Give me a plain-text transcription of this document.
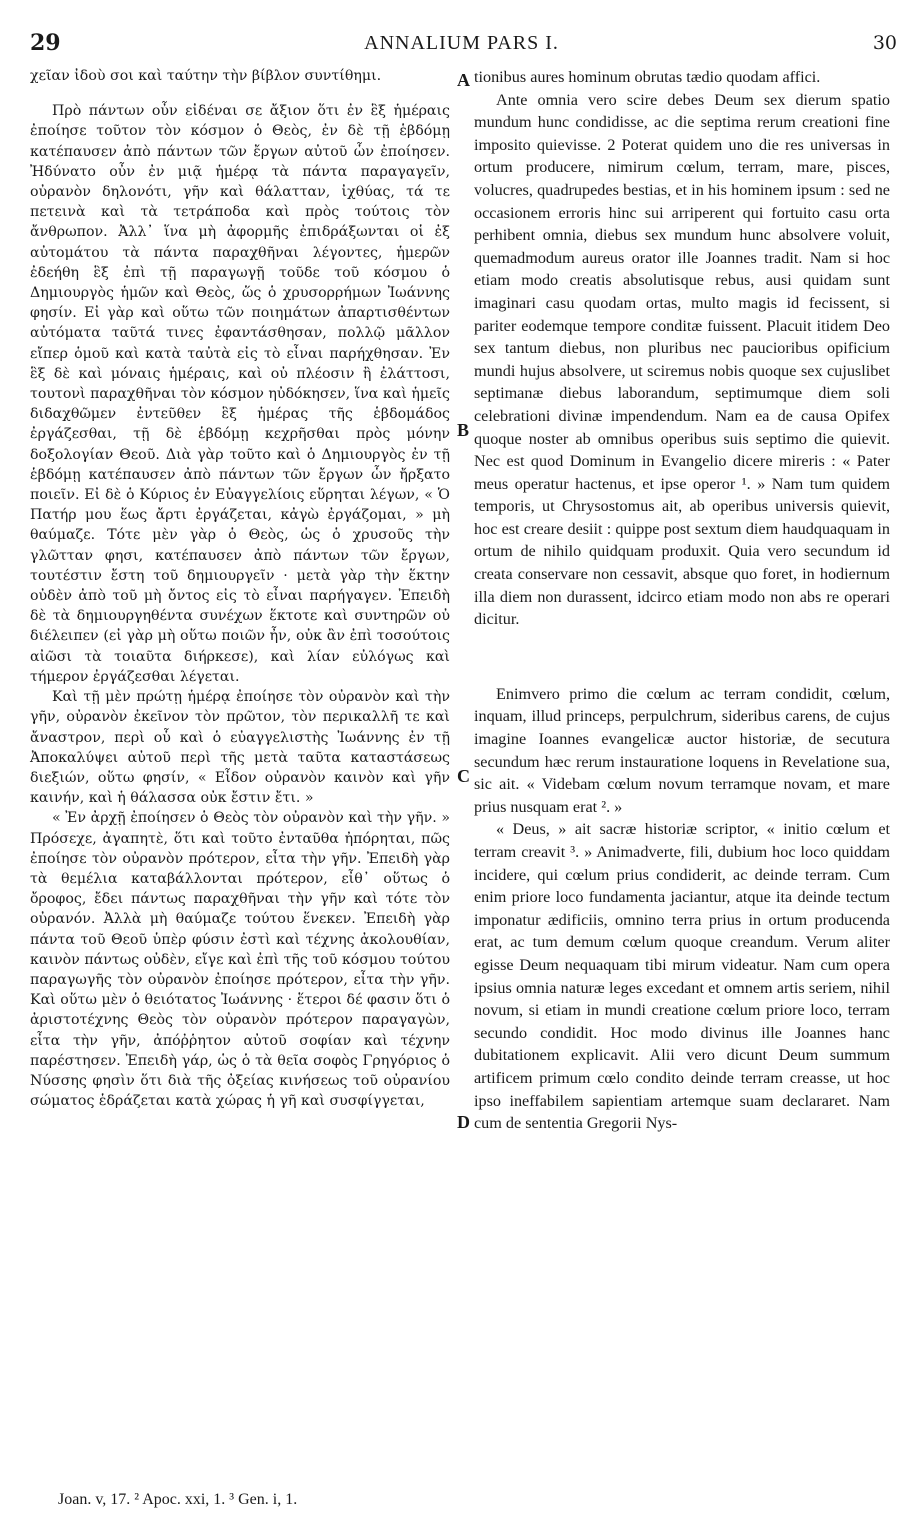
29	ANNALIUM PARS I.	30

χεῖαν ἰδοὺ σοι καὶ ταύτην τὴν βίβλον συντίθημι.

Πρὸ πάντων οὖν εἰδέναι σε ἄξιον ὅτι ἐν ἓξ ἡμέραις ἐποίησε τοῦτον τὸν κόσμον ὁ Θεὸς, ἐν δὲ τῇ ἑβδόμῃ κατέπαυσεν ἀπὸ πάντων τῶν ἔργων αὐτοῦ ὧν ἐποίησεν. Ἠδύνατο οὖν ἐν μιᾷ ἡμέρᾳ τὰ πάντα παραγαγεῖν, οὐρανὸν δηλονότι, γῆν καὶ θάλατταν, ἰχθύας, τά τε πετεινὰ καὶ τὰ τετράποδα καὶ πρὸς τούτοις τὸν ἄνθρωπον. Ἀλλ᾽ ἵνα μὴ ἀφορμῆς ἐπιδράξωνται οἱ ἐξ αὐτομάτου τὰ πάντα παραχθῆναι λέγοντες, ἡμερῶν ἐδεήθη ἓξ ἐπὶ τῇ παραγωγῇ τοῦδε τοῦ κόσμου ὁ Δημιουργὸς ἡμῶν καὶ Θεὸς, ὥς ὁ χρυσορρήμων Ἰωάννης φησίν. Εἰ γὰρ καὶ οὕτω τῶν ποιημάτων ἀπαρτισθέντων αὐτόματα ταῦτά τινες ἐφαντάσθησαν, πολλῷ μᾶλλον εἴπερ ὁμοῦ καὶ κατὰ ταὐτὰ εἰς τὸ εἶναι παρήχθησαν. Ἐν ἓξ δὲ καὶ μόναις ἡμέραις, καὶ οὐ πλέοσιν ἢ ἐλάττοσι, τουτονὶ παραχθῆναι τὸν κόσμον ηὐδόκησεν, ἵνα καὶ ἡμεῖς διδαχθῶμεν ἐντεῦθεν ἓξ ἡμέρας τῆς ἑβδομάδος ἐργάζεσθαι, τῇ δὲ ἑβδόμῃ κεχρῆσθαι πρὸς μόνην δοξολογίαν Θεοῦ. Διὰ γὰρ τοῦτο καὶ ὁ Δημιουργὸς ἐν τῇ ἑβδόμῃ κατέπαυσεν ἀπὸ πάντων τῶν ἔργων ὧν ἤρξατο ποιεῖν. Εἰ δὲ ὁ Κύριος ἐν Εὐαγγελίοις εὕρηται λέγων, « Ὁ Πατήρ μου ἕως ἄρτι ἐργάζεται, κἀγὼ ἐργάζομαι, » μὴ θαύμαζε. Τότε μὲν γὰρ ὁ Θεὸς, ὡς ὁ χρυσοῦς τὴν γλῶτταν φησι, κατέπαυσεν ἀπὸ πάντων τῶν ἔργων, τουτέστιν ἔστη τοῦ δημιουργεῖν · μετὰ γὰρ τὴν ἕκτην οὐδὲν ἀπὸ τοῦ μὴ ὄντος εἰς τὸ εἶναι παρήγαγεν. Ἐπειδὴ δὲ τὰ δημιουργηθέντα συνέχων ἕκτοτε καὶ συντηρῶν οὐ διέλειπεν (εἰ γὰρ μὴ οὕτω ποιῶν ἦν, οὐκ ἂν ἐπὶ τοσούτοις αἰῶσι τὰ τοιαῦτα διήρκεσε), καὶ λίαν εὐλόγως καὶ τήμερον ἐργάζεσθαι λέγεται.

Καὶ τῇ μὲν πρώτῃ ἡμέρᾳ ἐποίησε τὸν οὐρανὸν καὶ τὴν γῆν, οὐρανὸν ἐκεῖνον τὸν πρῶτον, τὸν περικαλλῆ τε καὶ ἄναστρον, περὶ οὗ καὶ ὁ εὐαγγελιστὴς Ἰωάννης ἐν τῇ Ἀποκαλύψει αὐτοῦ περὶ τῆς μετὰ ταῦτα καταστάσεως διεξιών, οὕτω φησίν, « Εἶδον οὐρανὸν καινὸν καὶ γῆν καινήν, καὶ ἡ θάλασσα οὐκ ἔστιν ἔτι. »

« Ἐν ἀρχῇ ἐποίησεν ὁ Θεὸς τὸν οὐρανὸν καὶ τὴν γῆν. » Πρόσεχε, ἀγαπητὲ, ὅτι καὶ τοῦτο ἐνταῦθα ἠπόρηται, πῶς ἐποίησε τὸν οὐρανὸν πρότερον, εἶτα τὴν γῆν. Ἐπειδὴ γὰρ τὰ θεμέλια καταβάλλονται πρότερον, εἶθ᾽ οὕτως ὁ ὄροφος, ἔδει πάντως παραχθῆναι τὴν γῆν καὶ τότε τὸν οὐρανόν. Ἀλλὰ μὴ θαύμαζε τούτου ἕνεκεν. Ἐπειδὴ γὰρ πάντα τοῦ Θεοῦ ὑπὲρ φύσιν ἐστὶ καὶ τέχνης ἀκολουθίαν, καινὸν πάντως οὐδὲν, εἴγε καὶ ἐπὶ τῆς τοῦ κόσμου τούτου παραγωγῆς τὸν οὐρανὸν ἐποίησε πρότερον, εἶτα τὴν γῆν. Καὶ οὕτω μὲν ὁ θειότατος Ἰωάννης · ἕτεροι δέ φασιν ὅτι ὁ ἀριστοτέχνης Θεὸς τὸν οὐρανὸν πρότερον παραγαγὼν, εἶτα τὴν γῆν, ἀπόῤῥητον αὐτοῦ σοφίαν καὶ τέχνην παρέστησεν. Ἐπειδὴ γάρ, ὡς ὁ τὰ θεῖα σοφὸς Γρηγόριος ὁ Νύσσης φησὶν ὅτι διὰ τῆς ὀξείας κινήσεως τοῦ οὐρανίου σώματος ἑδράζεται κατὰ χώρας ἡ γῆ καὶ συσφίγγεται,

A
B
C
D

tionibus aures hominum obrutas tædio quodam affici.

Ante omnia vero scire debes Deum sex dierum spatio mundum hunc condidisse, ac die septima rerum creationi fine imposito quievisse. 2 Poterat quidem uno die res universas in ortum producere, nimirum cœlum, terram, mare, pisces, volucres, quadrupedes bestias, et in his hominem ipsum : sed ne occasionem erroris hinc sui arriperent qui fortuito casu orta perhibent omnia, diebus sex mundum hunc absolvere voluit, quemadmodum aureus orator ille Joannes tradit. Nam si hoc etiam modo creatis absolutisque rebus, ausi quidam sunt imaginari casu quodam ortas, multo magis id fecissent, si pariter eodemque tempore conditæ fuissent. Placuit itidem Deo sex tantum diebus, non pluribus nec paucioribus opificium mundi hujus absolvere, ut sciremus nobis quoque sex cujuslibet septimanæ diebus laborandum, septimumque diem soli celebrationi divinæ impendendum. Nam ea de causa Opifex quoque noster ab omnibus operibus suis septimo die quievit. Nec est quod Dominum in Evangelio dicere mireris : « Pater meus operatur hactenus, et ipse operor ¹. » Nam tum quidem temporis, ut Chrysostomus ait, ab operibus universis quievit, hoc est creare desiit : quippe post sextum diem haudquaquam in ortum de nihilo quidquam produxit. Quia vero secundum id creata conservare non cessavit, absque quo foret, in hodiernum illa diem non durassent, idcirco etiam modo non abs re operari dicitur.

Enimvero primo die cœlum ac terram condidit, cœlum, inquam, illud princeps, perpulchrum, sideribus carens, de cujus imagine Ioannes evangelicæ auctor historiæ, de secutura secundum hæc rerum instauratione loquens in Revelatione sua, sic ait. « Videbam cœlum novum terramque novam, et mare prius nusquam erat ². »

« Deus, » ait sacræ historiæ scriptor, « initio cœlum et terram creavit ³. » Animadverte, fili, dubium hoc loco quiddam incidere, qui cœlum prius condiderit, ac deinde terram. Cum enim priore loco fundamenta jaciantur, atque ita deinde tectum imponatur ædificiis, omnino terra prius in ortum producenda erat, ac tum demum cœlum quoque creandum. Verum aliter egisse Deum nequaquam tibi mirum videatur. Nam cum opera ipsius omnia naturæ leges excedant et omnem artis seriem, nihil novum, si etiam in mundi creatione cœlum priore loco, terram secundo condidit. Hoc modo divinus ille Joannes hanc dubitationem explicavit. Alii vero dicunt Deum summum artificem primum cœlo condito deinde terram creasse, ut hoc ipso ineffabilem sapientiam artemque suam declararet. Nam cum de sententia Gregorii Nys-

Joan. v, 17. ² Apoc. xxi, 1. ³ Gen. i, 1.
